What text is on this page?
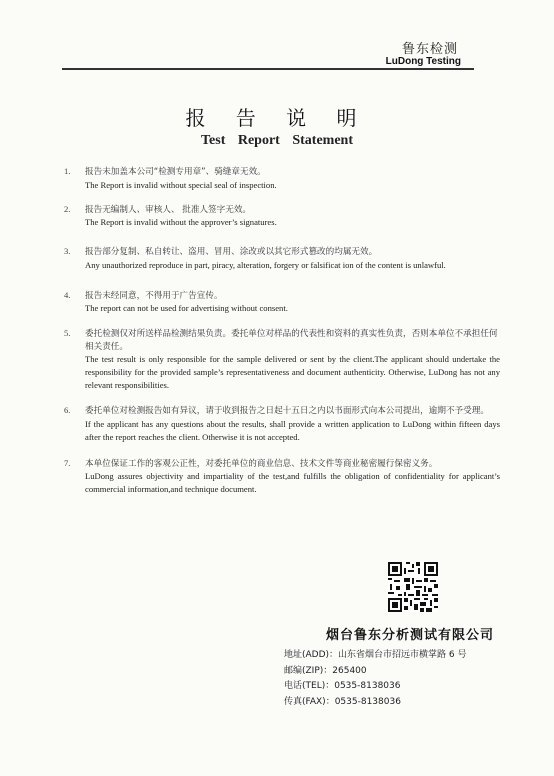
鲁东检测
LuDong Testing
报 告 说 明
Test Report Statement
1. 报告未加盖本公司“检测专用章”、骑缝章无效。
The Report is invalid without special seal of inspection.
2. 报告无编制人、审核人、 批准人签字无效。
The Report is invalid without the approver’s signatures.
3. 报告部分复制、私自转让、盗用、冒用、涂改或以其它形式篡改的均属无效。
Any unauthorized reproduce in part, piracy, alteration, forgery or falsificat ion of the content is unlawful.
4. 报告未经同意，不得用于广告宣传。
The report can not be used for advertising without consent.
5. 委托检测仅对所送样品检测结果负责。委托单位对样品的代表性和资料的真实性负责，否则本单位不承担任何相关责任。
The test result is only responsible for the sample delivered or sent by the client.The applicant should undertake the responsibility for the provided sample’s representativeness and document authenticity. Otherwise, LuDong has not any relevant responsibilities.
6. 委托单位对检测报告如有异议，请于收到报告之日起十五日之内以书面形式向本公司提出，逾期不予受理。
If the applicant has any questions about the results, shall provide a written application to LuDong within fifteen days after the report reaches the client. Otherwise it is not accepted.
7. 本单位保证工作的客观公正性，对委托单位的商业信息、技术文件等商业秘密履行保密义务。
LuDong assures objectivity and impartiality of the test,and fulfills the obligation of confidentiality for applicant’s commercial information,and technique document.
烟台鲁东分析测试有限公司
地址(ADD)：山东省烟台市招远市横掌路 6 号
邮编(ZIP)：265400
电话(TEL)：0535-8138036
传真(FAX)：0535-8138036
